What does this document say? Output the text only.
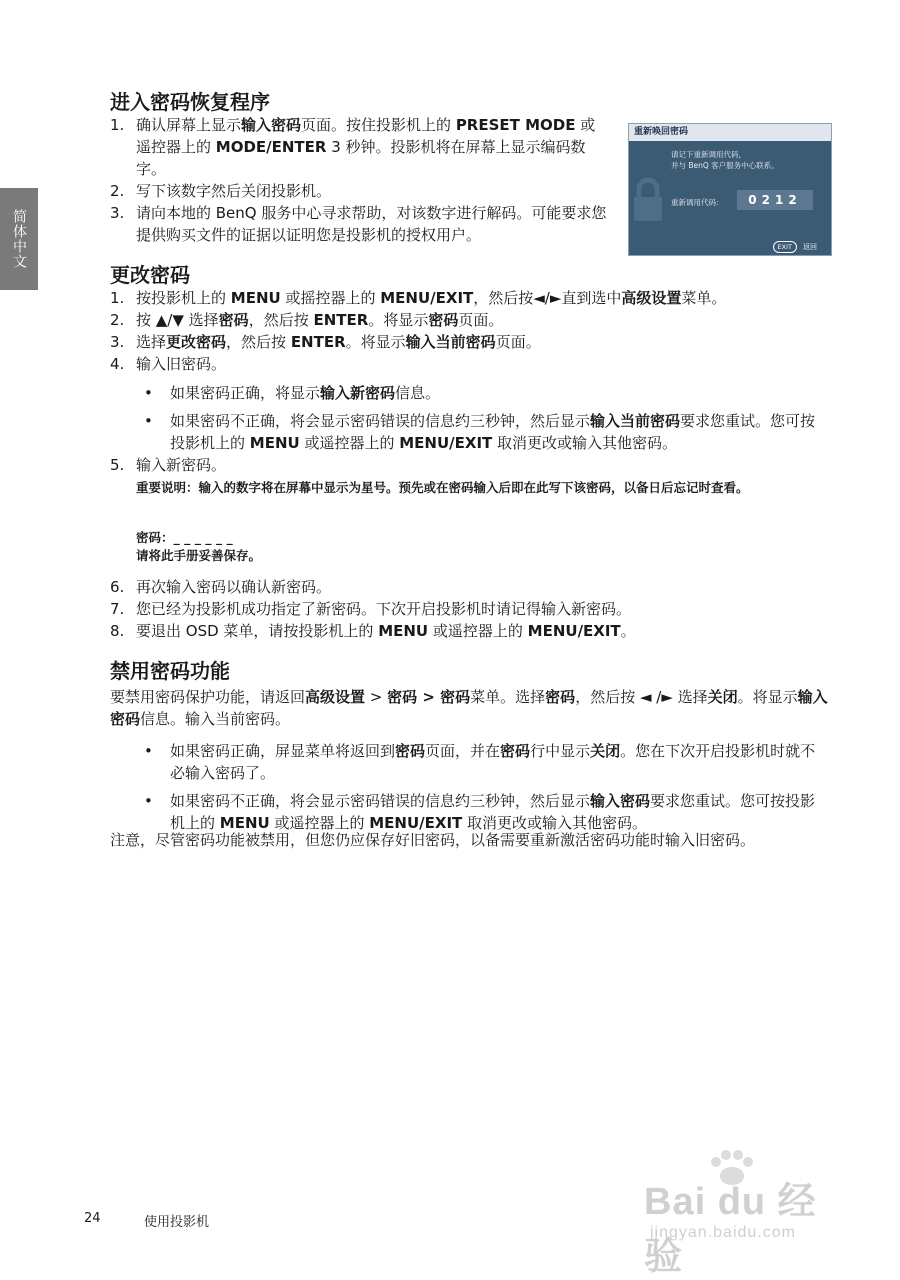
简体中文
进入密码恢复程序
1. 确认屏幕上显示输入密码页面。按住投影机上的 PRESET MODE 或遥控器上的 MODE/ENTER 3 秒钟。投影机将在屏幕上显示编码数字。
2. 写下该数字然后关闭投影机。
3. 请向本地的 BenQ 服务中心寻求帮助，对该数字进行解码。可能要求您提供购买文件的证据以证明您是投影机的授权用户。
重新唤回密码
请记下重新调用代码，
并与 BenQ 客户服务中心联系。
重新调用代码：	0212
EXIT	返回
更改密码
1. 按投影机上的 MENU 或摇控器上的 MENU/EXIT，然后按◄/►直到选中高级设置菜单。
2. 按 ▲/▼ 选择密码，然后按 ENTER。将显示密码页面。
3. 选择更改密码，然后按 ENTER。将显示输入当前密码页面。
4. 输入旧密码。
• 如果密码正确，将显示输入新密码信息。
• 如果密码不正确，将会显示密码错误的信息约三秒钟，然后显示输入当前密码要求您重试。您可按投影机上的 MENU 或遥控器上的 MENU/EXIT 取消更改或输入其他密码。
5. 输入新密码。
重要说明：输入的数字将在屏幕中显示为星号。预先或在密码输入后即在此写下该密码，以备日后忘记时查看。
密码：_ _ _ _ _ _
请将此手册妥善保存。
6. 再次输入密码以确认新密码。
7. 您已经为投影机成功指定了新密码。下次开启投影机时请记得输入新密码。
8. 要退出 OSD 菜单，请按投影机上的 MENU 或遥控器上的 MENU/EXIT。
禁用密码功能
要禁用密码保护功能，请返回高级设置 > 密码 > 密码菜单。选择密码，然后按 ◄ /► 选择关闭。将显示输入密码信息。输入当前密码。
• 如果密码正确，屏显菜单将返回到密码页面，并在密码行中显示关闭。您在下次开启投影机时就不必输入密码了。
• 如果密码不正确，将会显示密码错误的信息约三秒钟，然后显示输入密码要求您重试。您可按投影机上的 MENU 或遥控器上的 MENU/EXIT 取消更改或输入其他密码。
注意，尽管密码功能被禁用，但您仍应保存好旧密码，以备需要重新激活密码功能时输入旧密码。
24	使用投影机	Bai du 经验
jingyan.baidu.com
